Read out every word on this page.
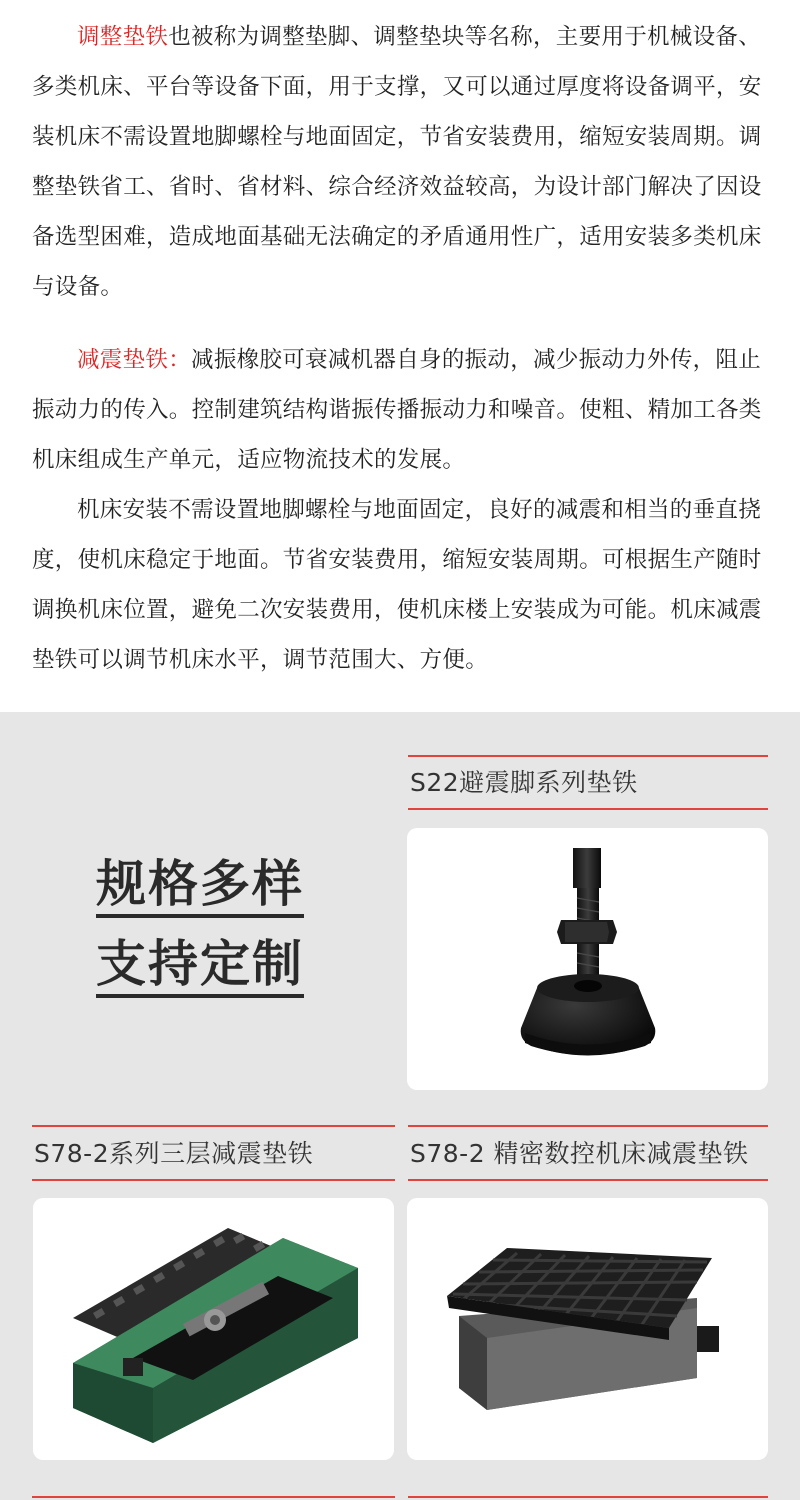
调整垫铁也被称为调整垫脚、调整垫块等名称，主要用于机械设备、多类机床、平台等设备下面，用于支撑，又可以通过厚度将设备调平，安装机床不需设置地脚螺栓与地面固定，节省安装费用，缩短安装周期。调整垫铁省工、省时、省材料、综合经济效益较高，为设计部门解决了因设备选型困难，造成地面基础无法确定的矛盾通用性广，适用安装多类机床与设备。

减震垫铁：减振橡胶可衰减机器自身的振动，减少振动力外传，阻止振动力的传入。控制建筑结构谐振传播振动力和噪音。使粗、精加工各类机床组成生产单元，适应物流技术的发展。

机床安装不需设置地脚螺栓与地面固定，良好的减震和相当的垂直挠度，使机床稳定于地面。节省安装费用，缩短安装周期。可根据生产随时调换机床位置，避免二次安装费用，使机床楼上安装成为可能。机床减震垫铁可以调节机床水平，调节范围大、方便。

规格多样
支持定制
S22避震脚系列垫铁
S78-2系列三层减震垫铁	S78-2 精密数控机床减震垫铁
